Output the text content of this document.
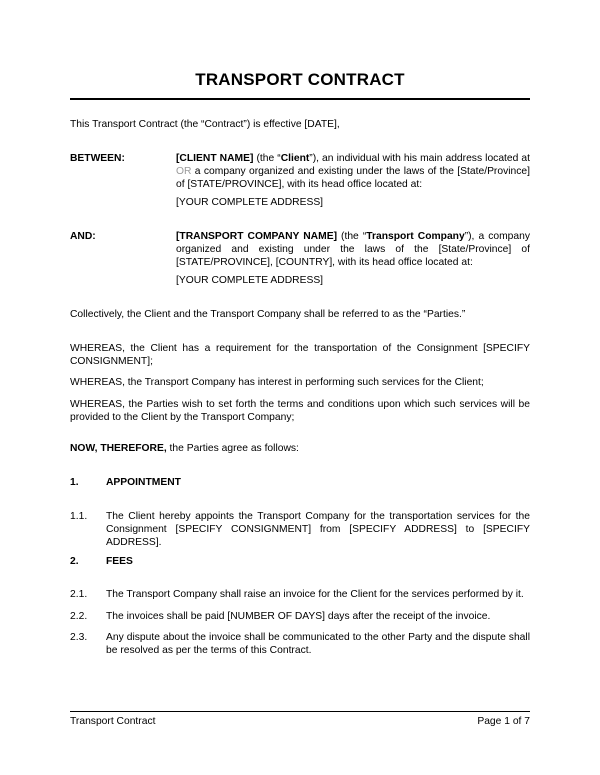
TRANSPORT CONTRACT

This Transport Contract (the “Contract”) is effective [DATE],

BETWEEN:	[CLIENT NAME] (the “Client”), an individual with his main address located at OR a company organized and existing under the laws of the [State/Province] of [STATE/PROVINCE], with its head office located at:
[YOUR COMPLETE ADDRESS]
AND:	[TRANSPORT COMPANY NAME] (the “Transport Company”), a company organized and existing under the laws of the [State/Province] of [STATE/PROVINCE], [COUNTRY], with its head office located at:
[YOUR COMPLETE ADDRESS]

Collectively, the Client and the Transport Company shall be referred to as the “Parties.”

WHEREAS, the Client has a requirement for the transportation of the Consignment [SPECIFY CONSIGNMENT];

WHEREAS, the Transport Company has interest in performing such services for the Client;

WHEREAS, the Parties wish to set forth the terms and conditions upon which such services will be provided to the Client by the Transport Company;

NOW, THEREFORE, the Parties agree as follows:

1.	APPOINTMENT
1.1. The Client hereby appoints the Transport Company for the transportation services for the Consignment [SPECIFY CONSIGNMENT] from [SPECIFY ADDRESS] to [SPECIFY ADDRESS].
2.	FEES
2.1. The Transport Company shall raise an invoice for the Client for the services performed by it.
2.2. The invoices shall be paid [NUMBER OF DAYS] days after the receipt of the invoice.
2.3. Any dispute about the invoice shall be communicated to the other Party and the dispute shall be resolved as per the terms of this Contract.
Transport Contract	Page 1 of 7
